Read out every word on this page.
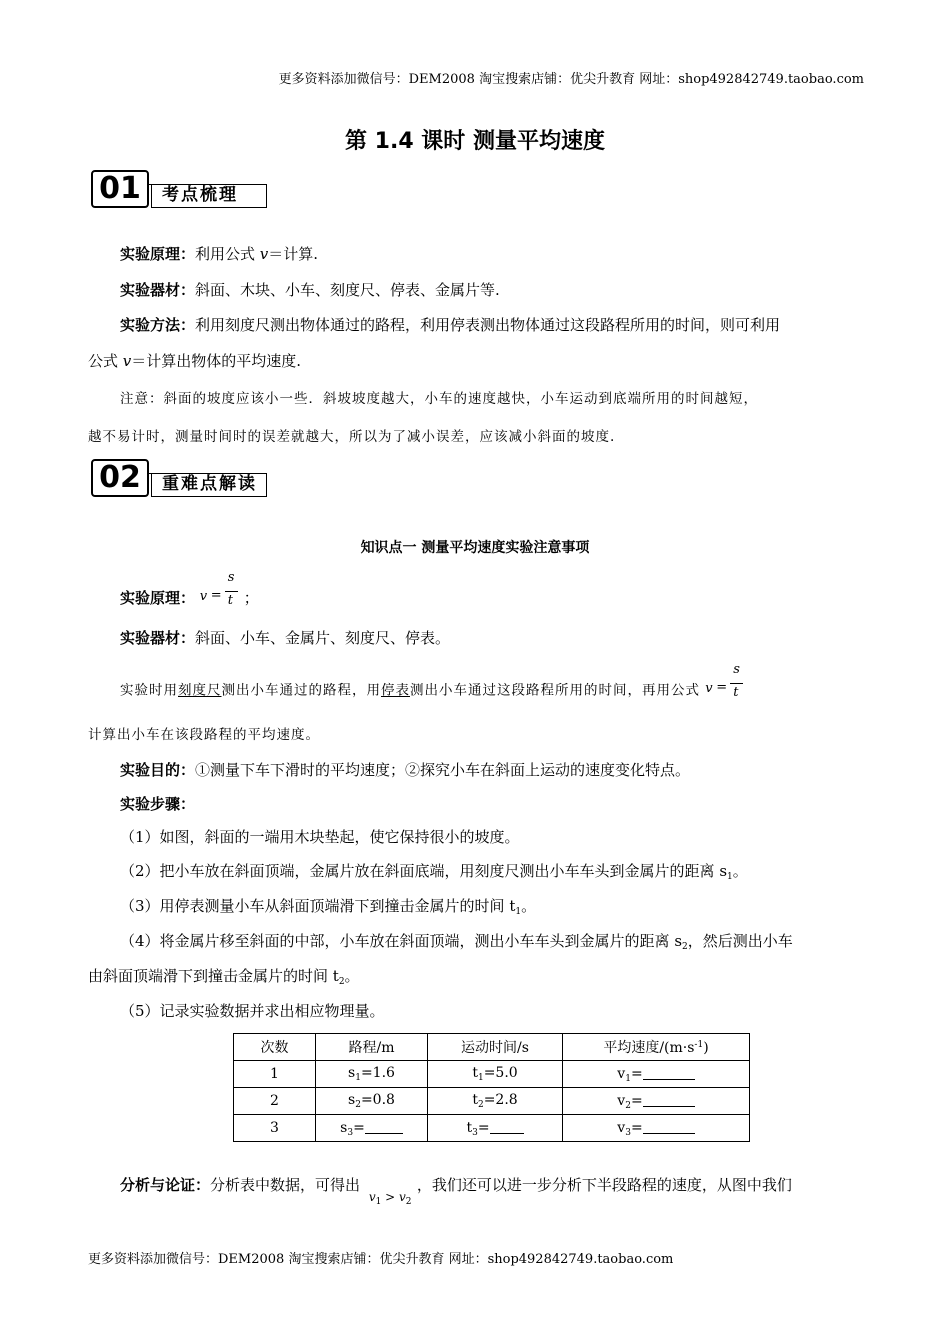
更多资料添加微信号：DEM2008 淘宝搜索店铺：优尖升教育 网址：shop492842749.taobao.com
第 1.4 课时 测量平均速度
01	考点梳理
实验原理：利用公式 v＝计算.
实验器材：斜面、木块、小车、刻度尺、停表、金属片等.
实验方法：利用刻度尺测出物体通过的路程，利用停表测出物体通过这段路程所用的时间，则可利用
公式 v＝计算出物体的平均速度.
注意：斜面的坡度应该小一些．斜坡坡度越大，小车的速度越快，小车运动到底端所用的时间越短，
越不易计时，测量时间时的误差就越大，所以为了减小误差，应该减小斜面的坡度.
02	重难点解读
知识点一 测量平均速度实验注意事项
实验原理： v =
s
t ；
实验器材：斜面、小车、金属片、刻度尺、停表。
实验时用刻度尺测出小车通过的路程，用停表测出小车通过这段路程所用的时间，再用公式 v =
s
t
计算出小车在该段路程的平均速度。
实验目的：①测量下车下滑时的平均速度；②探究小车在斜面上运动的速度变化特点。
实验步骤：
（1）如图，斜面的一端用木块垫起，使它保持很小的坡度。
（2）把小车放在斜面顶端，金属片放在斜面底端，用刻度尺测出小车车头到金属片的距离 $s_1$。
（3）用停表测量小车从斜面顶端滑下到撞击金属片的时间 $t_1$。
（4）将金属片移至斜面的中部，小车放在斜面顶端，测出小车车头到金属片的距离 $s_2$，然后测出小车
由斜面顶端滑下到撞击金属片的时间 $t_2$。
（5）记录实验数据并求出相应物理量。
次数	路程/m	运动时间/s	平均速度$/(m\cdot s^{-1})$
1	$s_1=1.6$	$t_1=5.0$	$v_1=$
2	$s_2=0.8$	$t_2=2.8$	$v_2=$
3	$s_3=$	$t_3=$	$v_3=$
分析与论证：分析表中数据，可得出
$v_1 > v_2$
，我们还可以进一步分析下半段路程的速度，从图中我们
更多资料添加微信号：DEM2008 淘宝搜索店铺：优尖升教育 网址：shop492842749.taobao.com
